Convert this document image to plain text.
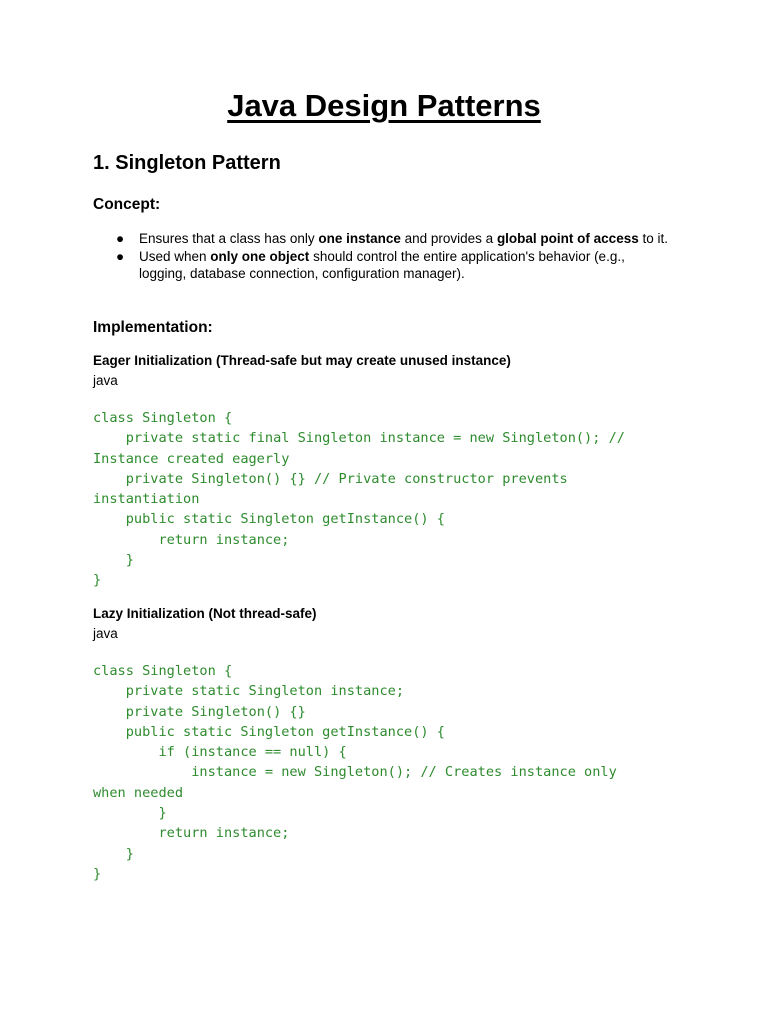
Java Design Patterns
1. Singleton Pattern
Concept:
● Ensures that a class has only one instance and provides a global point of access to it.
● Used when only one object should control the entire application's behavior (e.g., logging, database connection, configuration manager).
Implementation:

Eager Initialization (Thread-safe but may create unused instance)

java

class Singleton {
private static final Singleton instance = new Singleton(); //
Instance created eagerly
private Singleton() {} // Private constructor prevents
instantiation
public static Singleton getInstance() {
return instance;
}
}

Lazy Initialization (Not thread-safe)

java

class Singleton {
private static Singleton instance;
private Singleton() {}
public static Singleton getInstance() {
if (instance == null) {
instance = new Singleton(); // Creates instance only
when needed
}
return instance;
}
}
